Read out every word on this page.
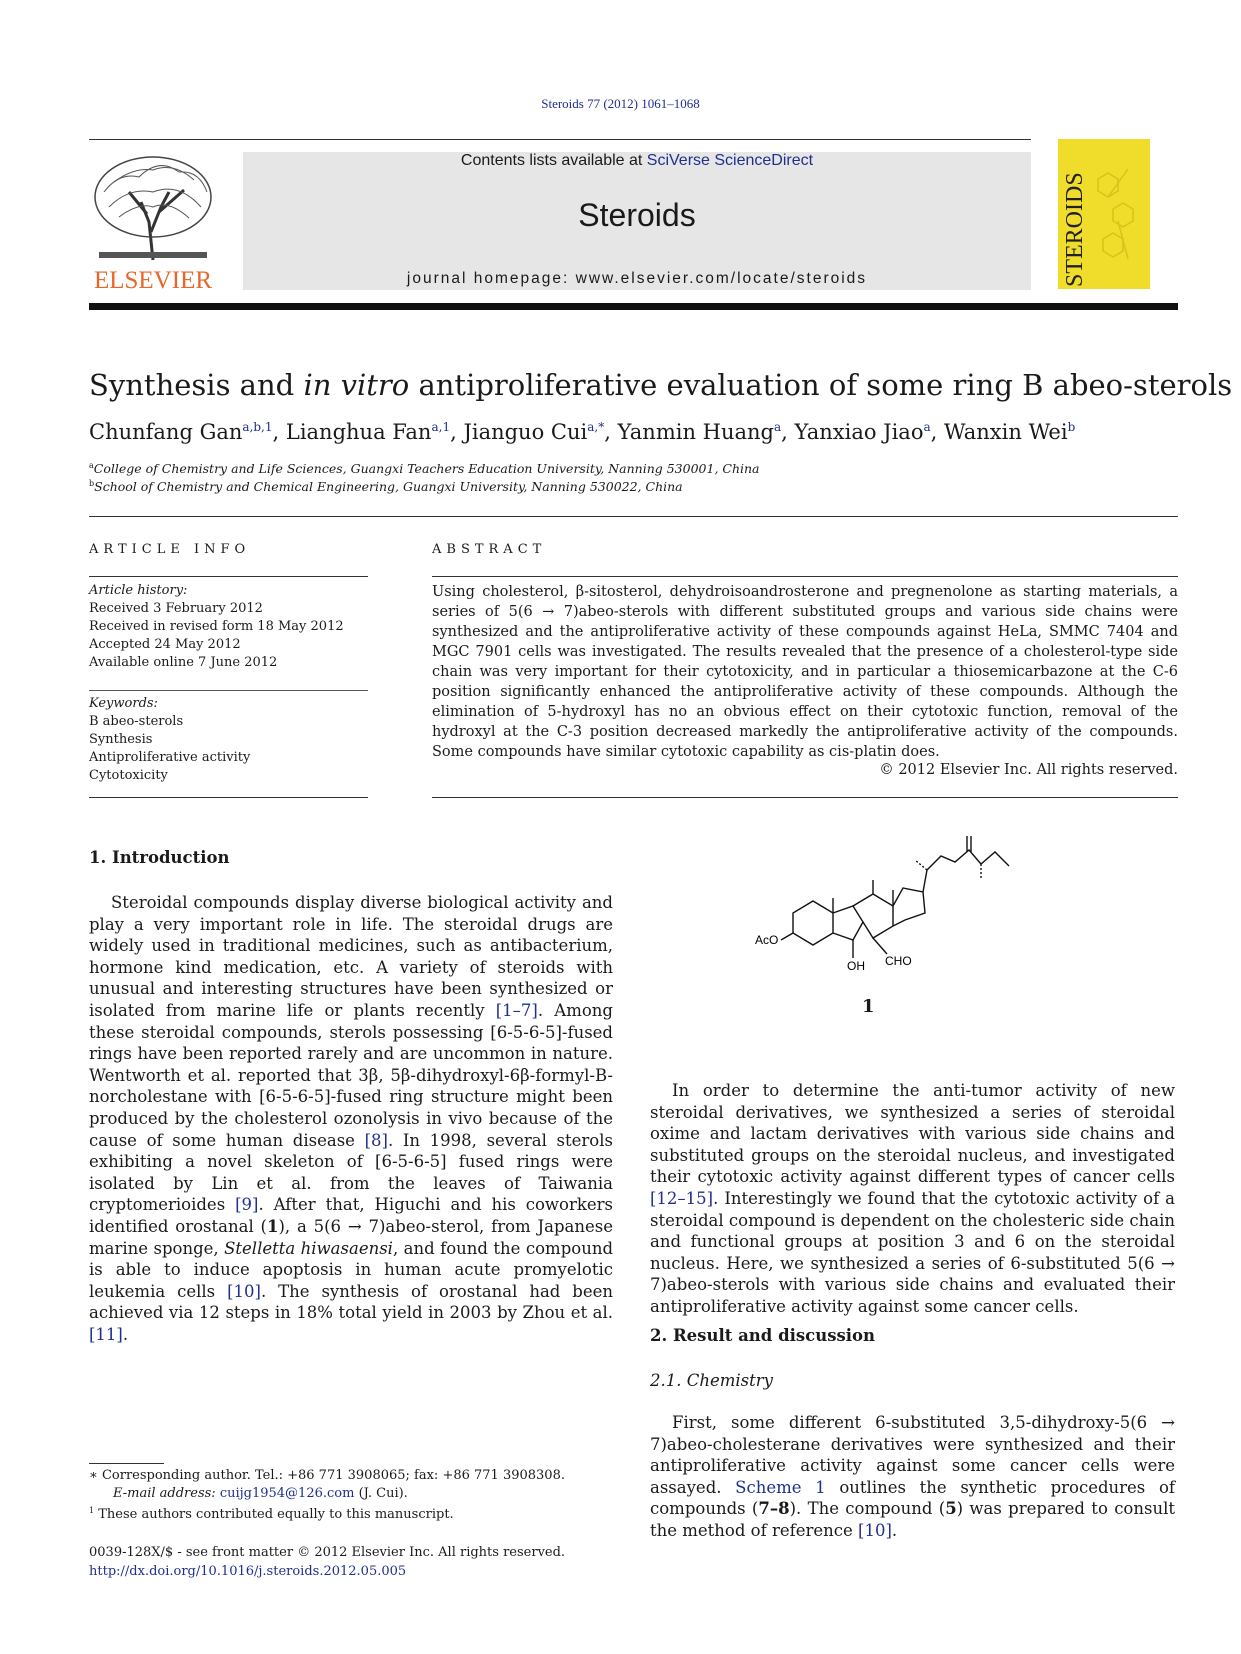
Steroids 77 (2012) 1061–1068
ELSEVIER
Contents lists available at SciVerse ScienceDirect
Steroids
journal homepage: www.elsevier.com/locate/steroids	STEROIDS
Synthesis and in vitro antiproliferative evaluation of some ring B abeo-sterols
Chunfang Gan$^{a,b,1}$, Lianghua Fan$^{a,1}$, Jianguo Cui$^{a,*}$, Yanmin Huang$^a$, Yanxiao Jiao$^a$, Wanxin Wei$^b$
$^a$College of Chemistry and Life Sciences, Guangxi Teachers Education University, Nanning 530001, China
$^b$School of Chemistry and Chemical Engineering, Guangxi University, Nanning 530022, China
ARTICLE INFO	ABSTRACT
Article history:
Received 3 February 2012
Received in revised form 18 May 2012
Accepted 24 May 2012
Available online 7 June 2012
Keywords:
B abeo-sterols
Synthesis
Antiproliferative activity
Cytotoxicity
Using cholesterol, β-sitosterol, dehydroisoandrosterone and pregnenolone as starting materials, a series of 5(6 → 7)abeo-sterols with different substituted groups and various side chains were synthesized and the antiproliferative activity of these compounds against HeLa, SMMC 7404 and MGC 7901 cells was investigated. The results revealed that the presence of a cholesterol-type side chain was very important for their cytotoxicity, and in particular a thiosemicarbazone at the C-6 position significantly enhanced the antiproliferative activity of these compounds. Although the elimination of 5-hydroxyl has no an obvious effect on their cytotoxic function, removal of the hydroxyl at the C-3 position decreased markedly the antiproliferative activity of the compounds. Some compounds have similar cytotoxic capability as cis-platin does.
© 2012 Elsevier Inc. All rights reserved.
1. Introduction
Steroidal compounds display diverse biological activity and play a very important role in life. The steroidal drugs are widely used in traditional medicines, such as antibacterium, hormone kind medication, etc. A variety of steroids with unusual and interesting structures have been synthesized or isolated from marine life or plants recently [1–7]. Among these steroidal compounds, sterols possessing [6-5-6-5]-fused rings have been reported rarely and are uncommon in nature. Wentworth et al. reported that 3β, 5β-dihydroxyl-6β-formyl-B-norcholestane with [6-5-6-5]-fused ring structure might been produced by the cholesterol ozonolysis in vivo because of the cause of some human disease [8]. In 1998, several sterols exhibiting a novel skeleton of [6-5-6-5] fused rings were isolated by Lin et al. from the leaves of Taiwania cryptomerioides [9]. After that, Higuchi and his coworkers identified orostanal (1), a 5(6 → 7)abeo-sterol, from Japanese marine sponge, Stelletta hiwasaensi, and found the compound is able to induce apoptosis in human acute promyelotic leukemia cells [10]. The synthesis of orostanal had been achieved via 12 steps in 18% total yield in 2003 by Zhou et al. [11].
AcO
OH CHO
1
In order to determine the anti-tumor activity of new steroidal derivatives, we synthesized a series of steroidal oxime and lactam derivatives with various side chains and substituted groups on the steroidal nucleus, and investigated their cytotoxic activity against different types of cancer cells [12–15]. Interestingly we found that the cytotoxic activity of a steroidal compound is dependent on the cholesteric side chain and functional groups at position 3 and 6 on the steroidal nucleus. Here, we synthesized a series of 6-substituted 5(6 → 7)abeo-sterols with various side chains and evaluated their antiproliferative activity against some cancer cells.
2. Result and discussion
2.1. Chemistry
First, some different 6-substituted 3,5-dihydroxy-5(6 → 7)abeo-cholesterane derivatives were synthesized and their antiproliferative activity against some cancer cells were assayed. Scheme 1 outlines the synthetic procedures of compounds (7–8). The compound (5) was prepared to consult the method of reference [10].
∗ Corresponding author. Tel.: +86 771 3908065; fax: +86 771 3908308.
E-mail address: cuijg1954@126.com (J. Cui).
$^1$ These authors contributed equally to this manuscript.
0039-128X/$ - see front matter © 2012 Elsevier Inc. All rights reserved.
http://dx.doi.org/10.1016/j.steroids.2012.05.005
